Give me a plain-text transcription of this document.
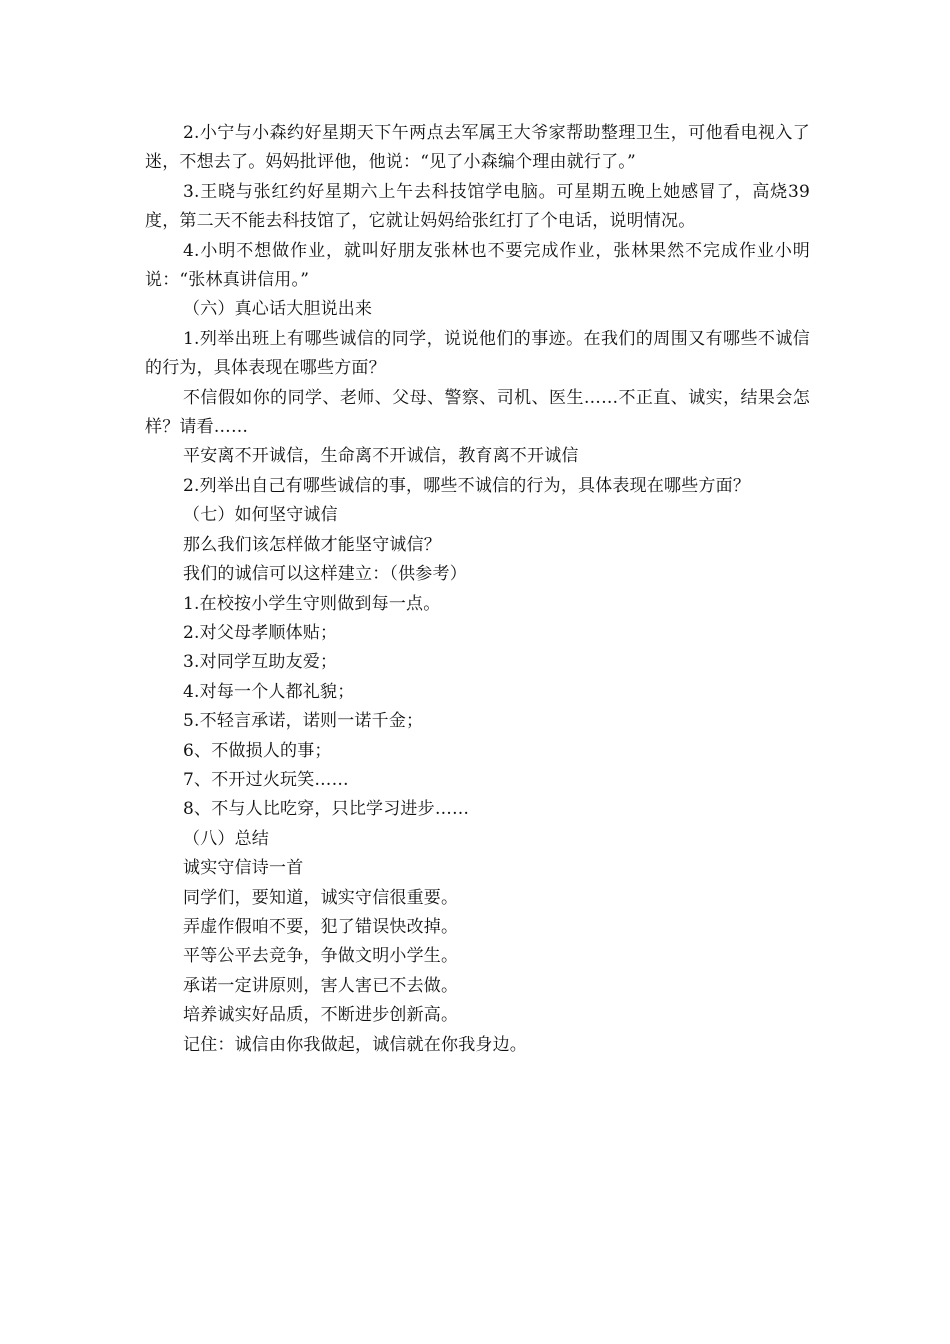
2.小宁与小森约好星期天下午两点去军属王大爷家帮助整理卫生，可他看电视入了迷，不想去了。妈妈批评他，他说：“见了小森编个理由就行了。”

3.王晓与张红约好星期六上午去科技馆学电脑。可星期五晚上她感冒了，高烧39度，第二天不能去科技馆了，它就让妈妈给张红打了个电话，说明情况。

4.小明不想做作业，就叫好朋友张林也不要完成作业，张林果然不完成作业小明说：“张林真讲信用。”

（六）真心话大胆说出来

1.列举出班上有哪些诚信的同学，说说他们的事迹。在我们的周围又有哪些不诚信的行为，具体表现在哪些方面？

不信假如你的同学、老师、父母、警察、司机、医生……不正直、诚实，结果会怎样？请看……

平安离不开诚信，生命离不开诚信，教育离不开诚信

2.列举出自己有哪些诚信的事，哪些不诚信的行为，具体表现在哪些方面？

（七）如何坚守诚信

那么我们该怎样做才能坚守诚信？

我们的诚信可以这样建立：（供参考）

1.在校按小学生守则做到每一点。

2.对父母孝顺体贴；

3.对同学互助友爱；

4.对每一个人都礼貌；

5.不轻言承诺，诺则一诺千金；

6、不做损人的事；

7、不开过火玩笑……

8、不与人比吃穿，只比学习进步……

（八）总结

诚实守信诗一首

同学们，要知道，诚实守信很重要。

弄虚作假咱不要，犯了错误快改掉。

平等公平去竞争，争做文明小学生。

承诺一定讲原则，害人害已不去做。

培养诚实好品质，不断进步创新高。

记住：诚信由你我做起，诚信就在你我身边。
